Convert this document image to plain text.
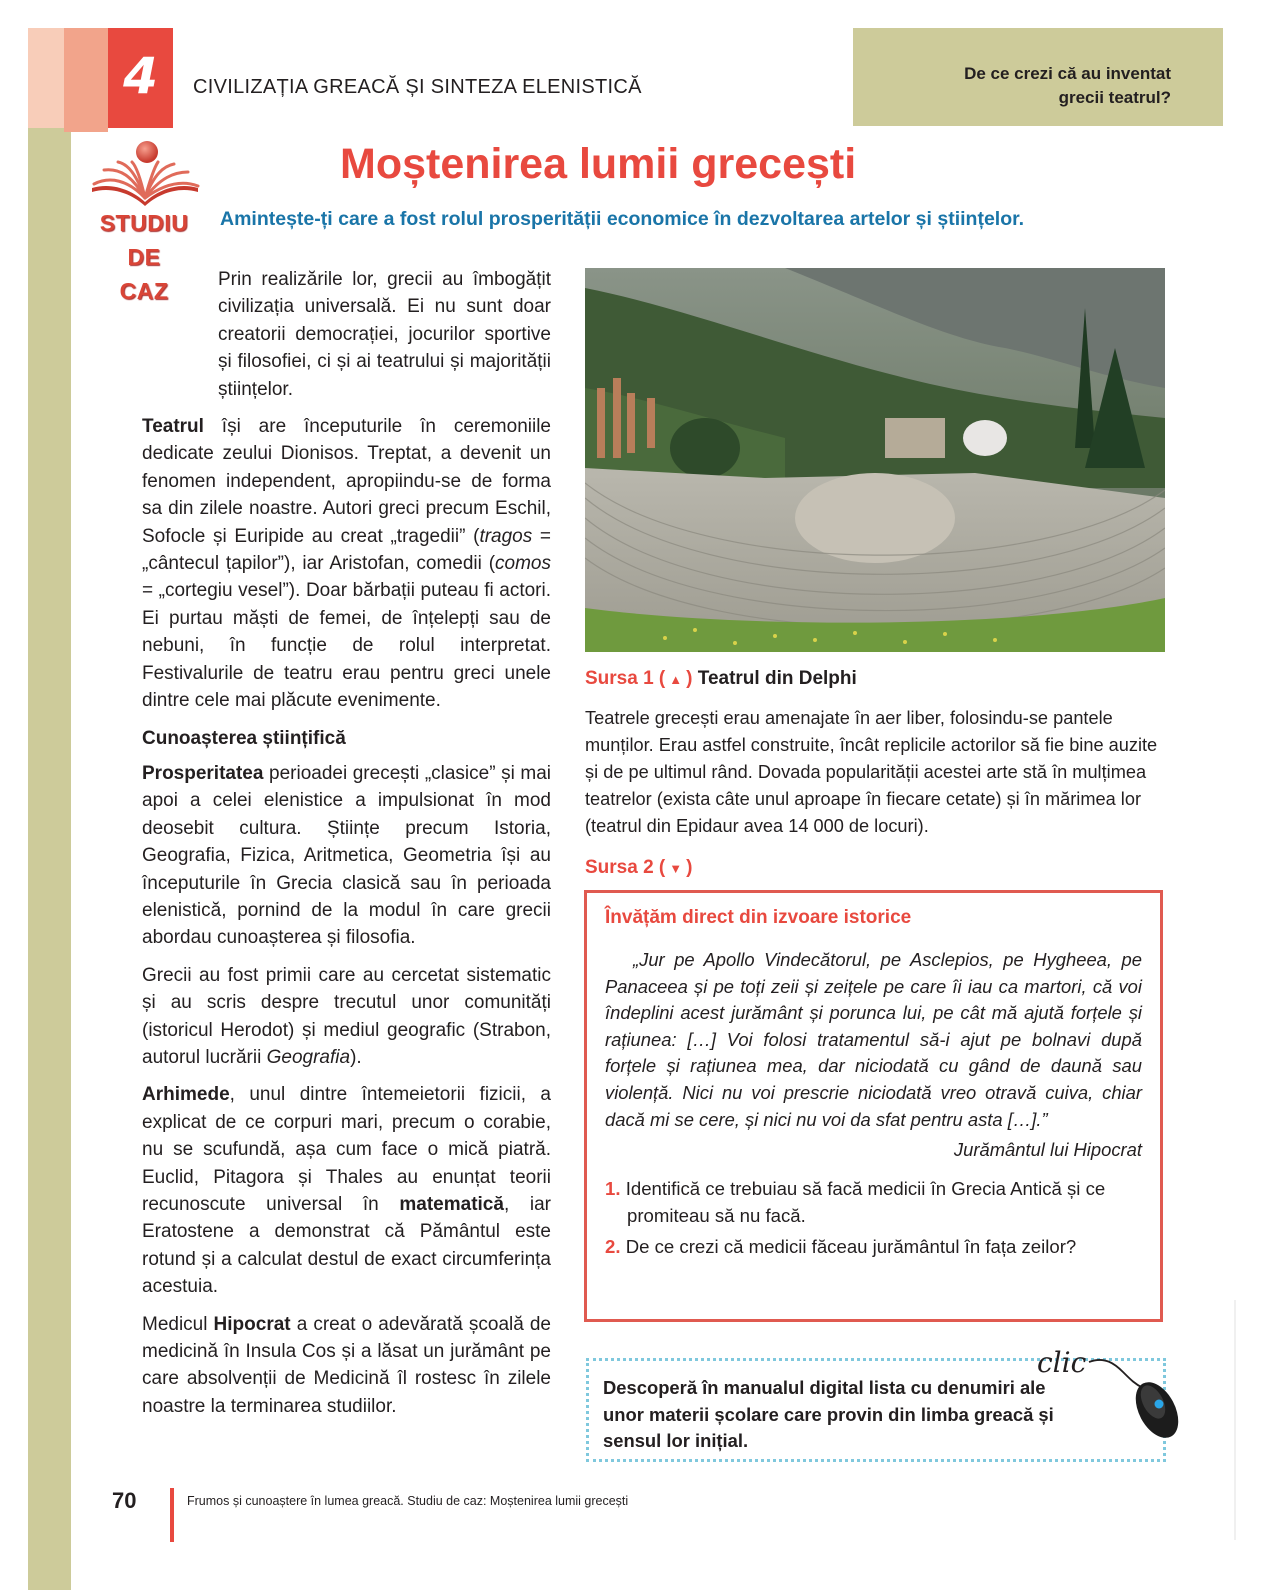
4	CIVILIZAȚIA GREACĂ ȘI SINTEZA ELENISTICĂ
De ce crezi că au inventat
grecii teatrul?
STUDIU
DE
CAZ
Moștenirea lumii grecești
Amintește-ți care a fost rolul prosperității economice în dezvoltarea artelor și științelor.

Prin realizările lor, grecii au îmbogățit civilizația universală. Ei nu sunt doar creatorii democrației, jocurilor sportive și filosofiei, ci și ai teatrului și majorității științelor.

Teatrul își are începuturile în ceremoniile dedicate zeului Dionisos. Treptat, a devenit un fenomen independent, apropiindu-se de forma sa din zilele noastre. Autori greci precum Eschil, Sofocle și Euripide au creat „tragedii” (tragos = „cântecul țapilor”), iar Aristofan, comedii (comos = „cortegiu vesel”). Doar bărbații puteau fi actori. Ei purtau măști de femei, de înțelepți sau de nebuni, în funcție de rolul interpretat. Festivalurile de teatru erau pentru greci unele dintre cele mai plăcute evenimente.

Cunoașterea științifică

Prosperitatea perioadei grecești „clasice” și mai apoi a celei elenistice a impulsionat în mod deosebit cultura. Științe precum Istoria, Geografia, Fizica, Aritmetica, Geometria își au începuturile în Grecia clasică sau în perioada elenistică, pornind de la modul în care grecii abordau cunoașterea și filosofia.

Grecii au fost primii care au cercetat sistematic și au scris despre trecutul unor comunități (istoricul Herodot) și mediul geografic (Strabon, autorul lucrării Geografia).

Arhimede, unul dintre întemeietorii fizicii, a explicat de ce corpuri mari, precum o corabie, nu se scufundă, așa cum face o mică piatră. Euclid, Pitagora și Thales au enunțat teorii recunoscute universal în matematică, iar Eratostene a demonstrat că Pământul este rotund și a calculat destul de exact circumferința acestuia.

Medicul Hipocrat a creat o adevărată școală de medicină în Insula Cos și a lăsat un jurământ pe care absolvenții de Medicină îl rostesc în zilele noastre la terminarea studiilor.

Sursa 1 ( ▲ ) Teatrul din Delphi
Teatrele grecești erau amenajate în aer liber, folosindu-se pantele munților. Erau astfel construite, încât replicile actorilor să fie bine auzite și de pe ultimul rând. Dovada popularității acestei arte stă în mulțimea teatrelor (exista câte unul aproape în fiecare cetate) și în mărimea lor (teatrul din Epidaur avea 14 000 de locuri).
Sursa 2 ( ▼ )
Învățăm direct din izvoare istorice
„Jur pe Apollo Vindecătorul, pe Asclepios, pe Hygheea, pe Panaceea și pe toți zeii și zeițele pe care îi iau ca martori, că voi îndeplini acest jurământ și porunca lui, pe cât mă ajută forțele și rațiunea: […] Voi folosi tratamentul să-i ajut pe bolnavi după forțele și rațiunea mea, dar niciodată cu gând de daună sau violență. Nici nu voi prescrie niciodată vreo otravă cuiva, chiar dacă mi se cere, și nici nu voi da sfat pentru asta […].”
Jurământul lui Hipocrat
1. Identifică ce trebuiau să facă medicii în Grecia Antică și ce promiteau să nu facă.
2. De ce crezi că medicii făceau jurământul în fața zeilor?
Descoperă în manualul digital lista cu denumiri ale unor materii școlare care provin din limba greacă și sensul lor inițial.
clic
70	Frumos și cunoaștere în lumea greacă. Studiu de caz: Moștenirea lumii grecești
